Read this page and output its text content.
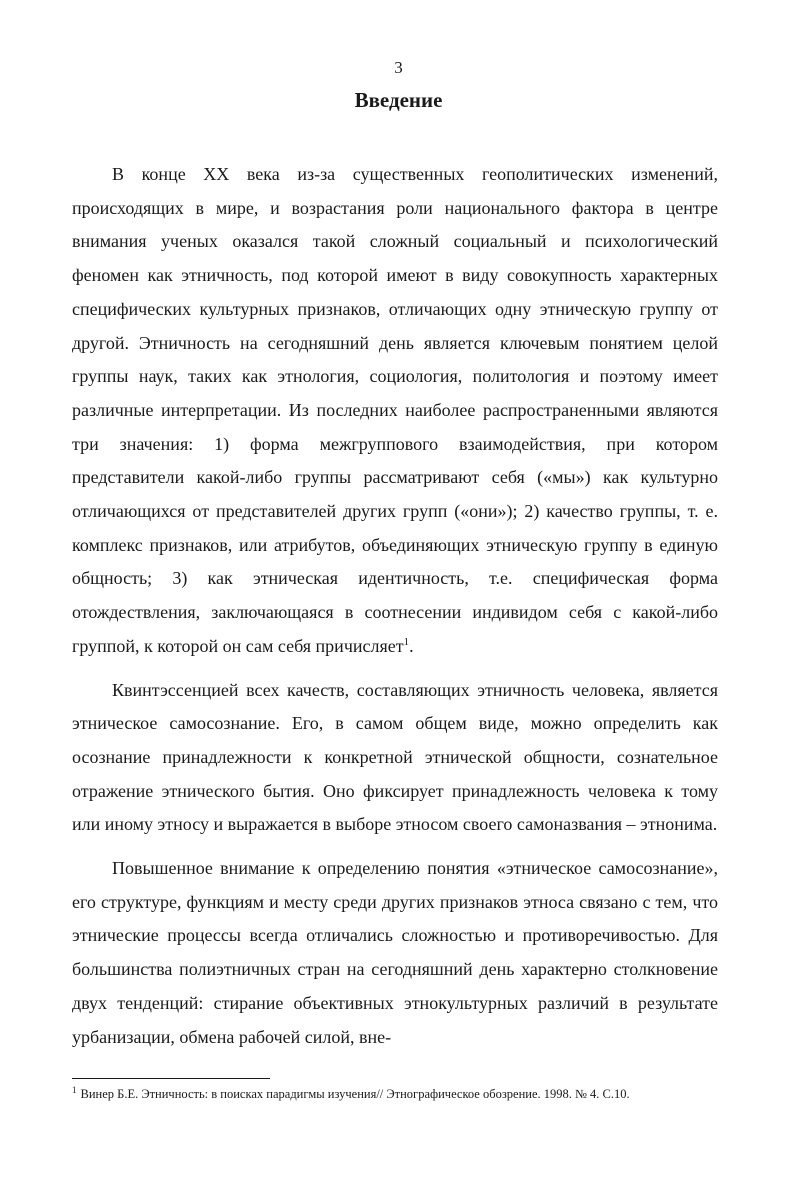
3

Введение

В конце XX века из-за существенных геополитических изменений, происходящих в мире, и возрастания роли национального фактора в центре внимания ученых оказался такой сложный социальный и психологический феномен как этничность, под которой имеют в виду совокупность характерных специфических культурных признаков, отличающих одну этническую группу от другой. Этничность на сегодняшний день является ключевым понятием целой группы наук, таких как этнология, социология, политология и поэтому имеет различные интерпретации. Из последних наиболее распространенными являются три значения: 1) форма межгруппового взаимодействия, при котором представители какой-либо группы рассматривают себя («мы») как культурно отличающихся от представителей других групп («они»); 2) качество группы, т. е. комплекс признаков, или атрибутов, объединяющих этническую группу в единую общность; 3) как этническая идентичность, т.е. специфическая форма отождествления, заключающаяся в соотнесении индивидом себя с какой-либо группой, к которой он сам себя причисляет$^1$.

Квинтэссенцией всех качеств, составляющих этничность человека, является этническое самосознание. Его, в самом общем виде, можно определить как осознание принадлежности к конкретной этнической общности, сознательное отражение этнического бытия. Оно фиксирует принадлежность человека к тому или иному этносу и выражается в выборе этносом своего самоназвания – этнонима.

Повышенное внимание к определению понятия «этническое самосознание», его структуре, функциям и месту среди других признаков этноса связано с тем, что этнические процессы всегда отличались сложностью и противоречивостью. Для большинства полиэтничных стран на сегодняшний день характерно столкновение двух тенденций: стирание объективных этнокультурных различий в результате урбанизации, обмена рабочей силой, вне-

$^1$ Винер Б.Е. Этничность: в поисках парадигмы изучения// Этнографическое обозрение. 1998. № 4. С.10.
